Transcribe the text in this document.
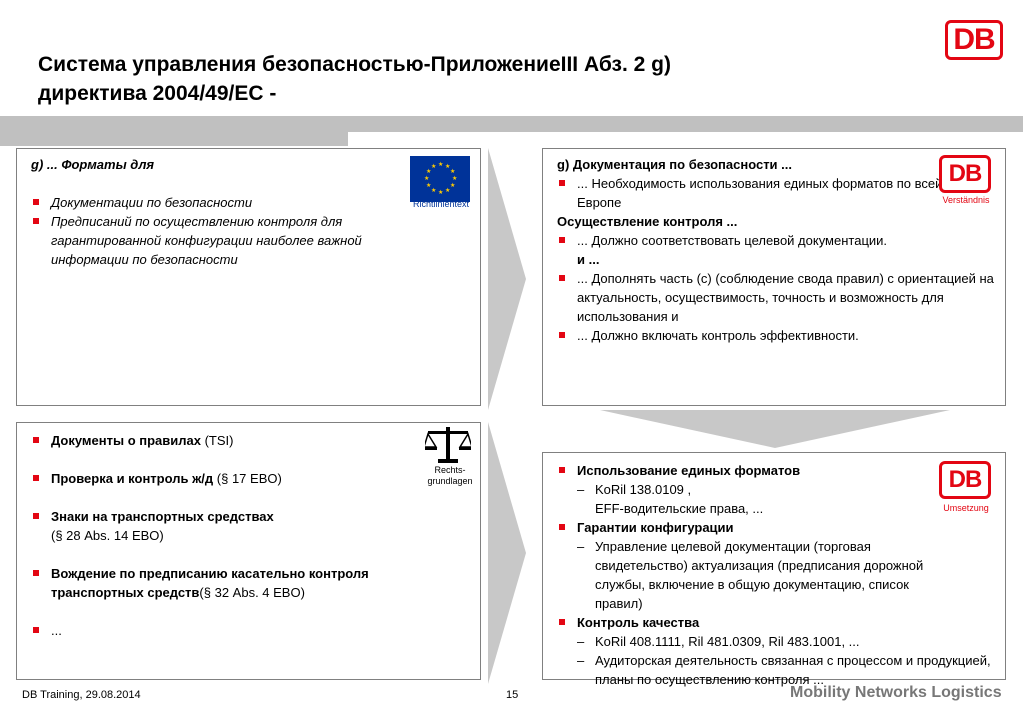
Система управления безопасностью-ПриложениеIII Абз. 2 g)
директива 2004/49/ЕС -
DB
g) ... Форматы для
Документации по безопасности
Предписаний по осуществлению контроля для гарантированной конфигурации наиболее важной информации по безопасности
★ ★
★
★
★
★
★
★
★
★
★
★
Richtlinientext
g) Документация по безопасности ...
... Необходимость использования единых форматов по всей Европе
Осуществление контроля ...
... Должно соответствовать целевой документации.
и ...
... Дополнять часть (с) (соблюдение свода правил) с ориентацией на актуальность, осуществимость, точность и возможность для использования и
... Должно включать контроль эффективности.
DB
Verständnis
Документы о правилах (TSI)
Проверка и контроль ж/д (§ 17 EBO)
Знаки на транспортных средствах
(§ 28 Abs. 14 EBO)
Вождение по предписанию касательно контроля транспортных средств(§ 32 Abs. 4 EBO)
...
Rechts-grundlagen
Использование единых форматов
– KoRil 138.0109 ,
EFF-водительские права, ...
Гарантии конфигурации
– Управление целевой документации (торговая свидетельство) актуализация (предписания дорожной службы, включение в общую документацию, список правил)
Контроль качества
– KoRil 408.1111, Ril 481.0309, Ril 483.1001, ...
– Аудиторская деятельность связанная с процессом и продукцией, планы по осуществлению контроля ...
DB
Umsetzung
DB Training, 29.08.2014	15	Mobility Networks Logistics
